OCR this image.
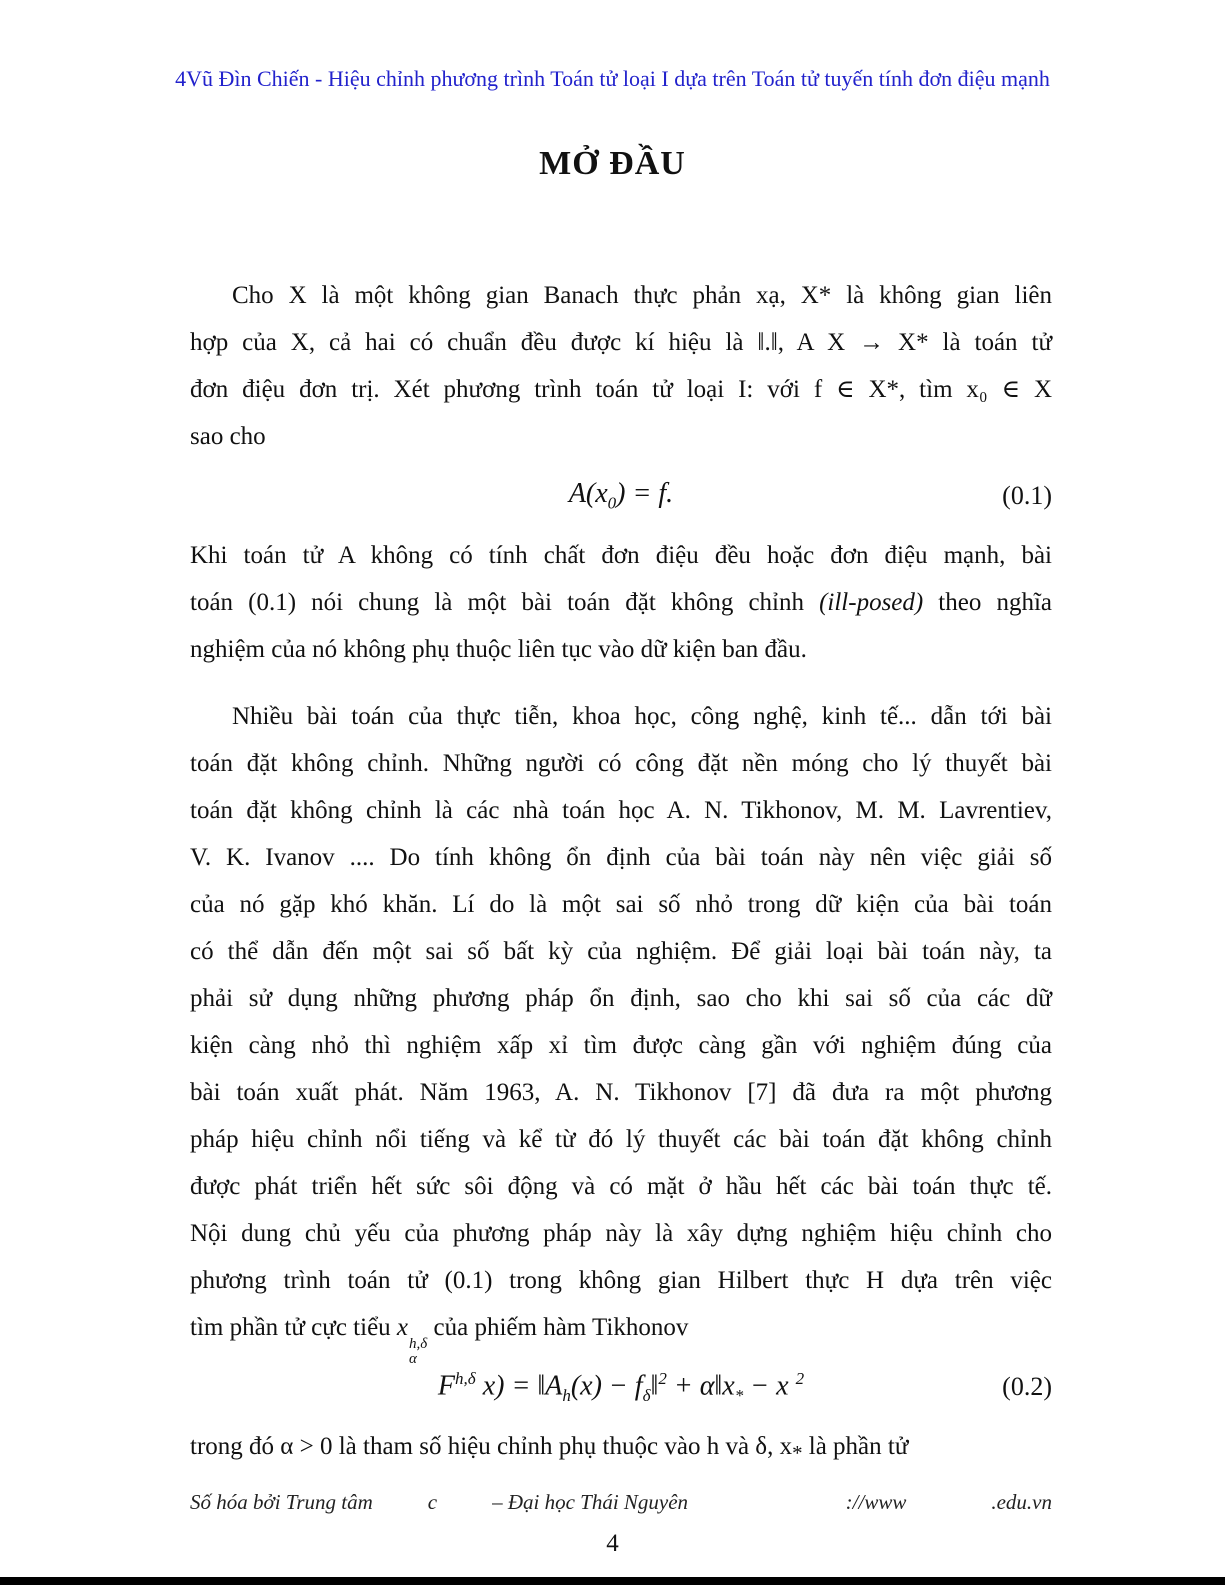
4Vũ Đìn Chiến - Hiệu chỉnh phương trình Toán tử loại I dựa trên Toán tử tuyến tính đơn điệu mạnh
MỞ ĐẦU
Cho X là một không gian Banach thực phản xạ, X* là không gian liên
hợp của X, cả hai có chuẩn đều được kí hiệu là ‖.‖, A X → X* là toán tử
đơn điệu đơn trị. Xét phương trình toán tử loại I: với f ∈ X*, tìm x₀ ∈ X
sao cho
$A(x_0) = f$.	(0.1)
Khi toán tử A không có tính chất đơn điệu đều hoặc đơn điệu mạnh, bài
toán (0.1) nói chung là một bài toán đặt không chỉnh (ill-posed) theo nghĩa
nghiệm của nó không phụ thuộc liên tục vào dữ kiện ban đầu.
Nhiều bài toán của thực tiễn, khoa học, công nghệ, kinh tế... dẫn tới bài
toán đặt không chỉnh. Những người có công đặt nền móng cho lý thuyết bài
toán đặt không chỉnh là các nhà toán học A. N. Tikhonov, M. M. Lavrentiev,
V. K. Ivanov .... Do tính không ổn định của bài toán này nên việc giải số
của nó gặp khó khăn. Lí do là một sai số nhỏ trong dữ kiện của bài toán
có thể dẫn đến một sai số bất kỳ của nghiệm. Để giải loại bài toán này, ta
phải sử dụng những phương pháp ổn định, sao cho khi sai số của các dữ
kiện càng nhỏ thì nghiệm xấp xỉ tìm được càng gần với nghiệm đúng của
bài toán xuất phát. Năm 1963, A. N. Tikhonov [7] đã đưa ra một phương
pháp hiệu chỉnh nổi tiếng và kể từ đó lý thuyết các bài toán đặt không chỉnh
được phát triển hết sức sôi động và có mặt ở hầu hết các bài toán thực tế.
Nội dung chủ yếu của phương pháp này là xây dựng nghiệm hiệu chỉnh cho
phương trình toán tử (0.1) trong không gian Hilbert thực H dựa trên việc
tìm phần tử cực tiểu x
h,δ
α
của phiếm hàm Tikhonov
$F^{h,\delta}$ $x) = ‖A_h(x)$ − $f_\delta‖^2$ + $\alpha‖x_* - x$ $^2$	(0.2)
trong đó α > 0 là tham số hiệu chỉnh phụ thuộc vào h và δ, $x_*$ là phần tử
Số hóa bởi Trung tâm	c	– Đại học Thái Nguyên	://www	.edu.vn
4
